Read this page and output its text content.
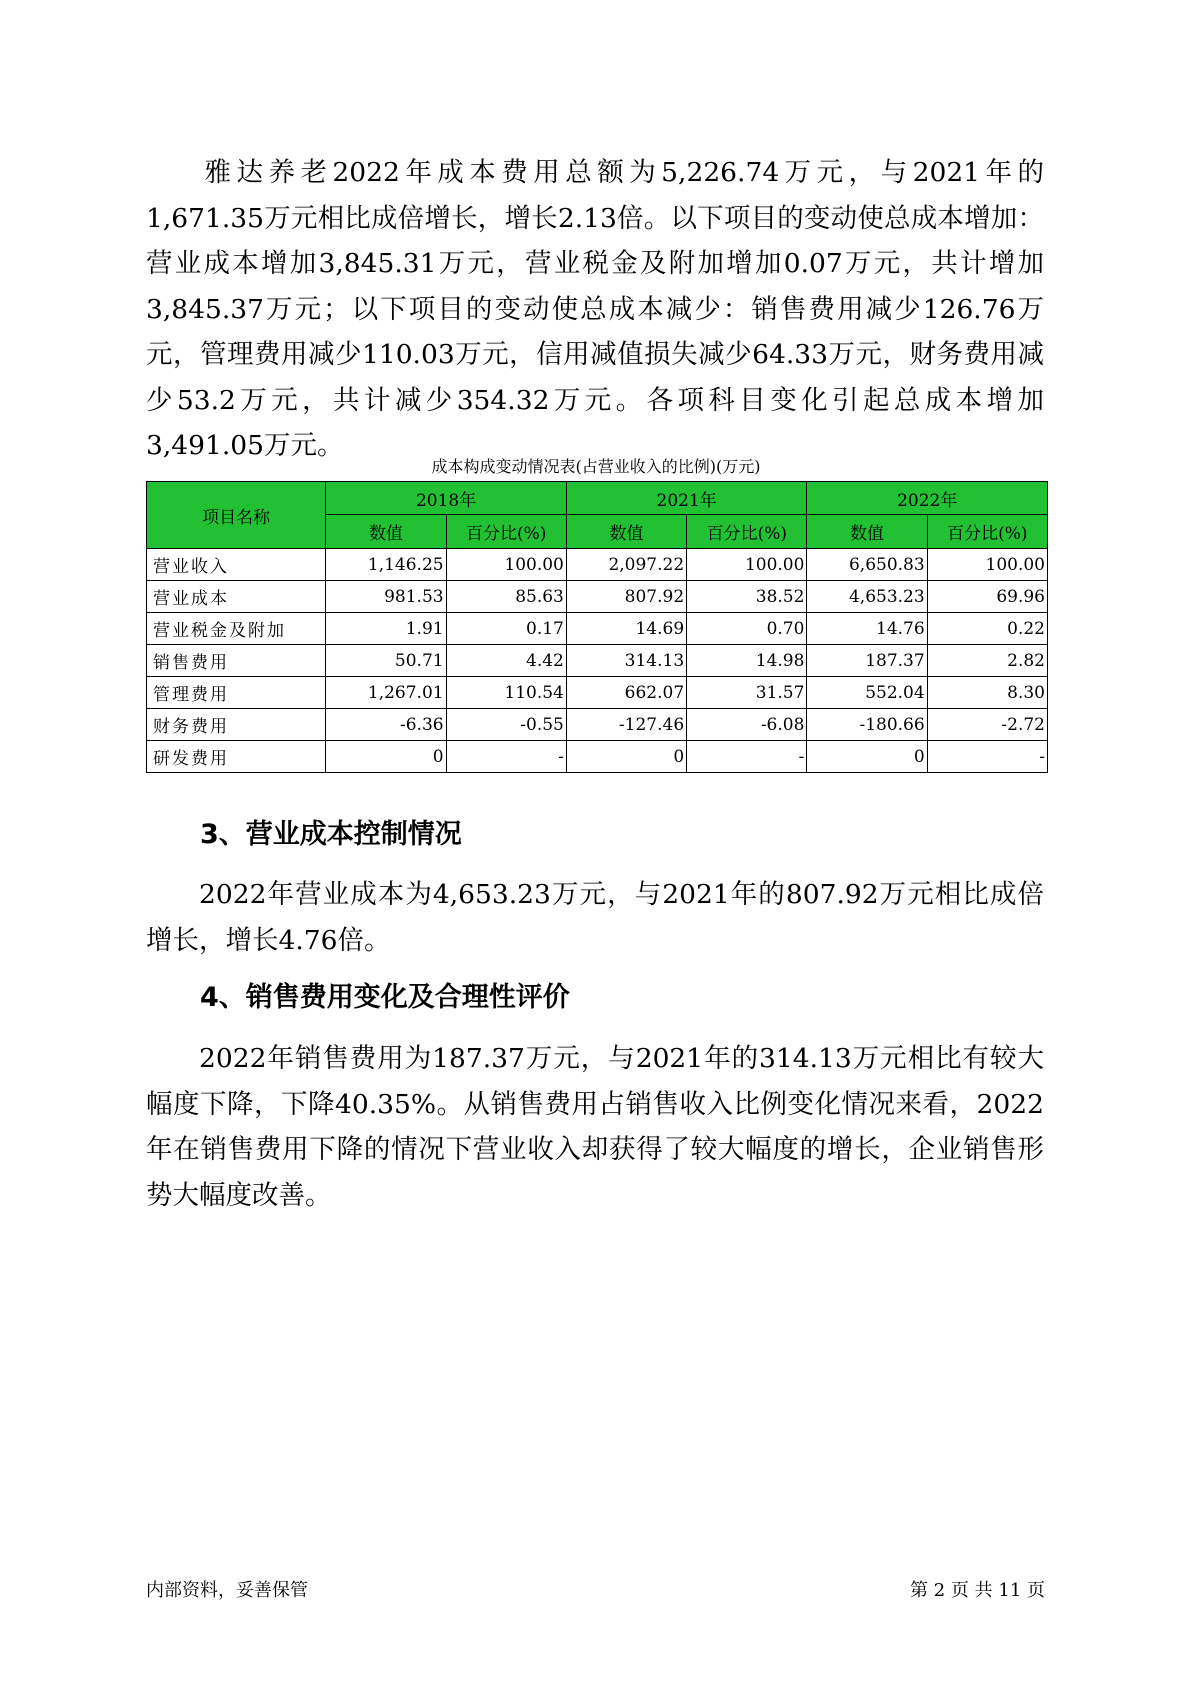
雅达养老2022年成本费用总额为5,226.74万元，与2021年的1,671.35万元相比成倍增长，增长2.13倍。以下项目的变动使总成本增加：营业成本增加3,845.31万元，营业税金及附加增加0.07万元，共计增加3,845.37万元；以下项目的变动使总成本减少：销售费用减少126.76万元，管理费用减少110.03万元，信用减值损失减少64.33万元，财务费用减少53.2万元，共计减少354.32万元。各项科目变化引起总成本增加3,491.05万元。

成本构成变动情况表(占营业收入的比例)(万元)
项目名称	2018年		2021年		2022年	
	数值	百分比(%)	数值	百分比(%)	数值	百分比(%)
营业收入	1,146.25	100.00	2,097.22	100.00	6,650.83	100.00
营业成本	981.53	85.63	807.92	38.52	4,653.23	69.96
营业税金及附加	1.91	0.17	14.69	0.70	14.76	0.22
销售费用	50.71	4.42	314.13	14.98	187.37	2.82
管理费用	1,267.01	110.54	662.07	31.57	552.04	8.30
财务费用	-6.36	-0.55	-127.46	-6.08	-180.66	-2.72
研发费用	0	-	0	-	0	-
3、营业成本控制情况

2022年营业成本为4,653.23万元，与2021年的807.92万元相比成倍增长，增长4.76倍。

4、销售费用变化及合理性评价

2022年销售费用为187.37万元，与2021年的314.13万元相比有较大幅度下降，下降40.35%。从销售费用占销售收入比例变化情况来看，2022年在销售费用下降的情况下营业收入却获得了较大幅度的增长，企业销售形势大幅度改善。

内部资料，妥善保管	第 2 页 共 11 页
